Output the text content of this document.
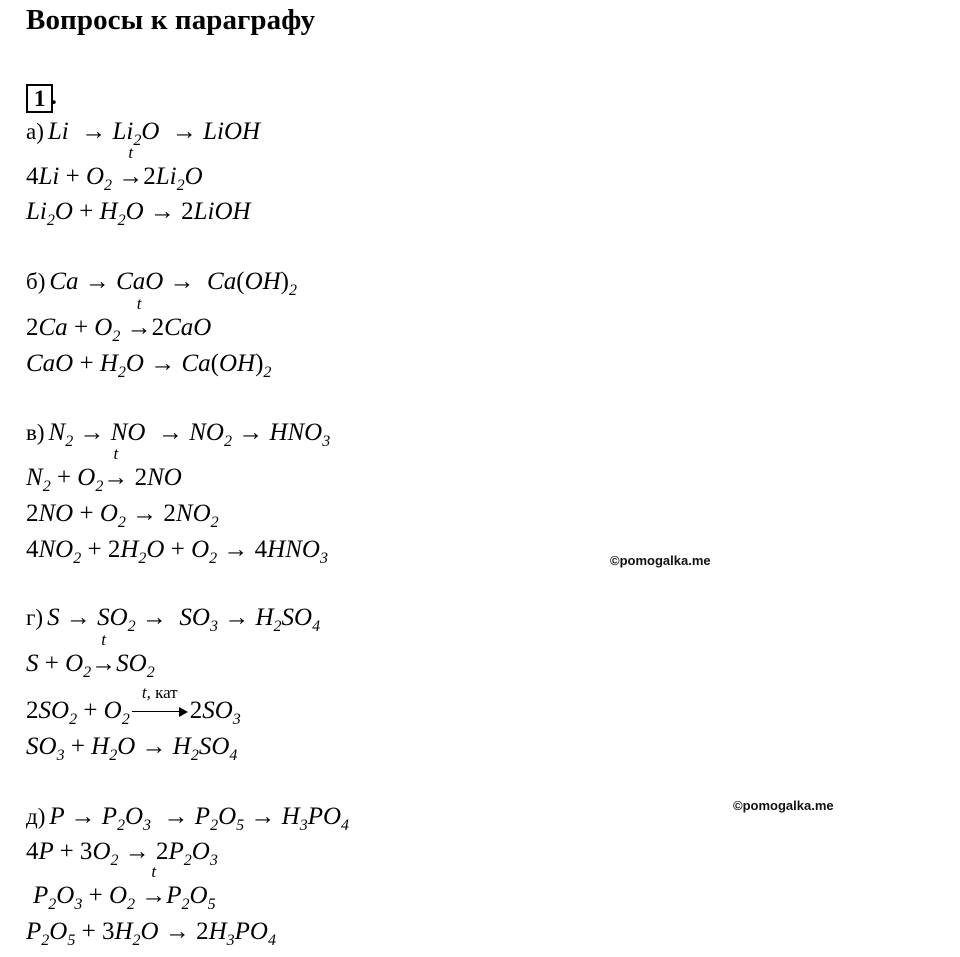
Вопросы к параграфу
1 .
а) $Li \to Li_2O$  → LiOH
$4Li + O_2$
t
$\to 2Li_2O$
$Li_2O + H_2O$ → 2LiOH
б) Ca → CaO →  $Ca(OH)_2$
$2Ca + O_2$
t
→2CaO
CaO + $H_2O \to Ca(OH)_2$
в) $N_2$ → NO  → $NO_2 \to HNO_3$
$N_2 + O_2$
t
→ 2NO
$2NO + O_2 \to 2NO_2$
$4NO_2 + 2H_2O + O_2 \to 4HNO_3$	©pomogalka.me
г) $S \to SO_2 \to SO_3 \to H_2SO_4$
$S + O_2$
t
$\to SO_2$
$2SO_2 + O_2$
t, кат
$2SO_3$
$SO_3 + H_2O \to H_2SO_4$
©pomogalka.me
д) $P \to P_2O_3 \to P_2O_5 \to H_3PO_4$
$4P + 3O_2 \to 2P_2O_3$
$P_2O_3 + O_2$
t
$\to P_2O_5$
$P_2O_5 + 3H_2O \to 2H_3PO_4$
